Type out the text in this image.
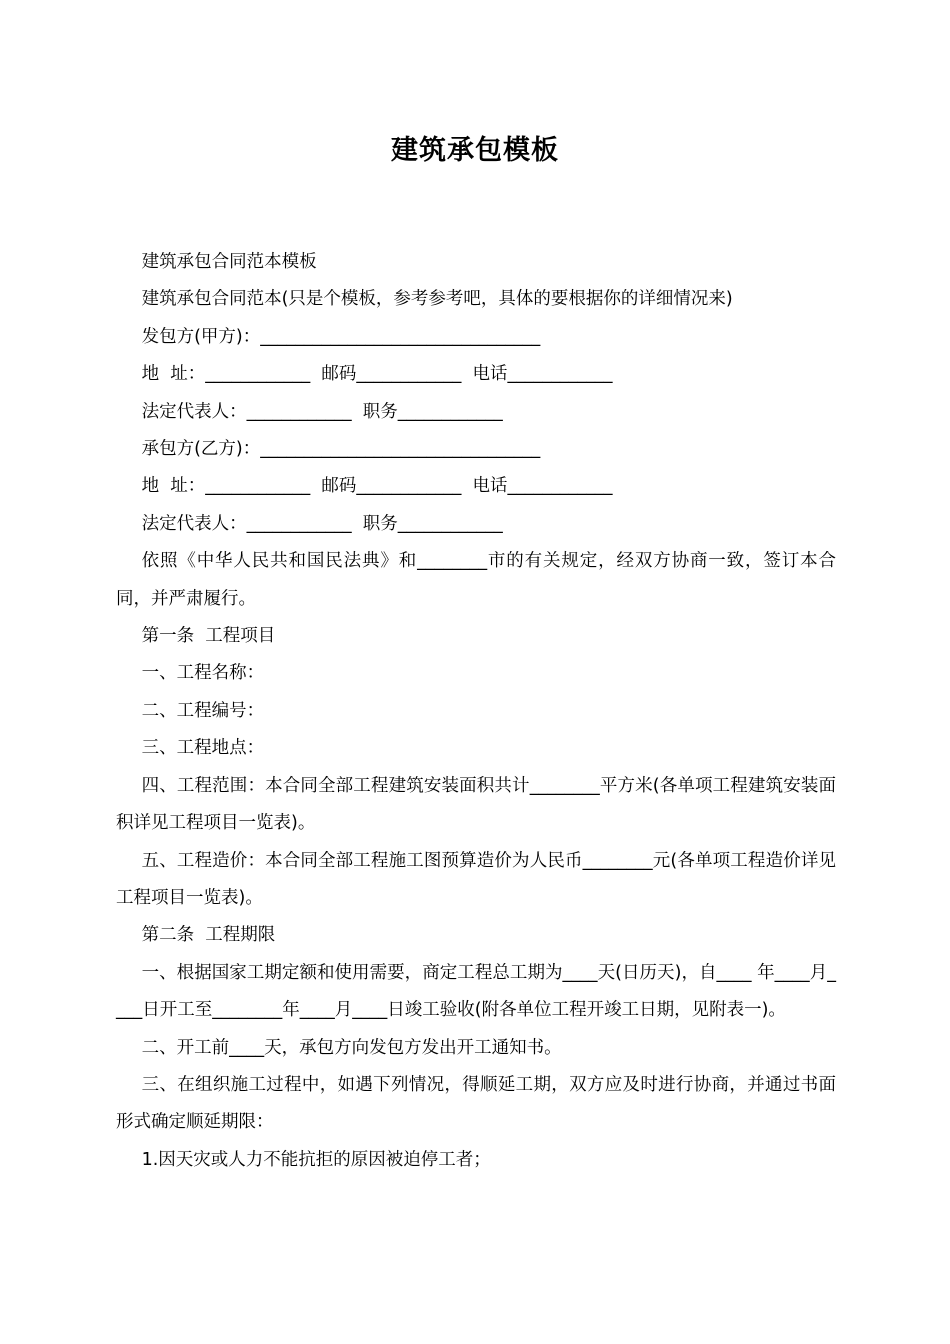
建筑承包模板

建筑承包合同范本模板

建筑承包合同范本(只是个模板，参考参考吧，具体的要根据你的详细情况来)

发包方(甲方)：________________________________

地  址：____________  邮码____________  电话____________

法定代表人：____________  职务____________

承包方(乙方)：________________________________

地  址：____________  邮码____________  电话____________

法定代表人：____________  职务____________

依照《中华人民共和国民法典》和________市的有关规定，经双方协商一致，签订本合同，并严肃履行。

第一条  工程项目

一、工程名称：

二、工程编号：

三、工程地点：

四、工程范围：本合同全部工程建筑安装面积共计________平方米(各单项工程建筑安装面积详见工程项目一览表)。

五、工程造价：本合同全部工程施工图预算造价为人民币________元(各单项工程造价详见工程项目一览表)。

第二条  工程期限

一、根据国家工期定额和使用需要，商定工程总工期为____天(日历天)，自____ 年____月____日开工至________年____月____日竣工验收(附各单位工程开竣工日期，见附表一)。

二、开工前____天，承包方向发包方发出开工通知书。

三、在组织施工过程中，如遇下列情况，得顺延工期，双方应及时进行协商，并通过书面形式确定顺延期限：

1.因天灾或人力不能抗拒的原因被迫停工者；
